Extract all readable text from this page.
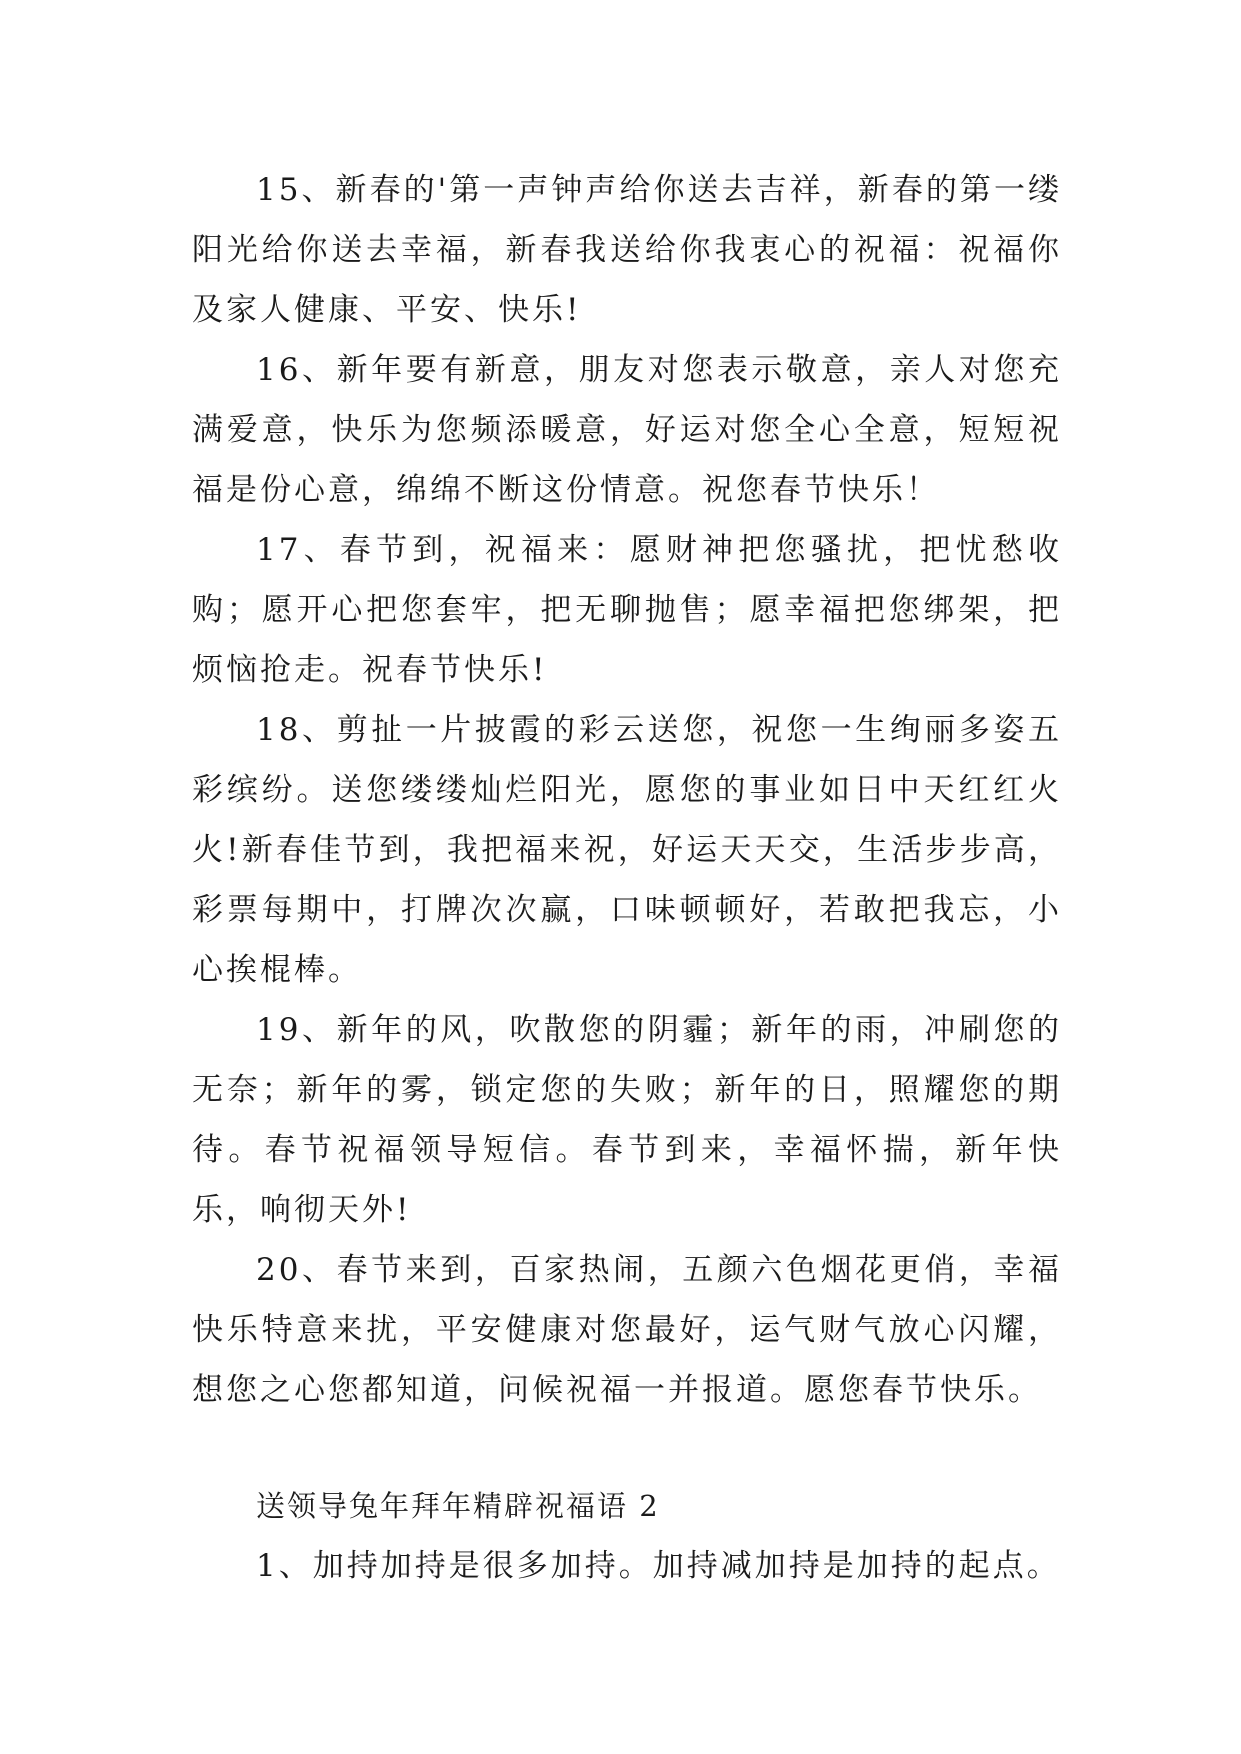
15、新春的'第一声钟声给你送去吉祥，新春的第一缕阳光给你送去幸福，新春我送给你我衷心的祝福：祝福你及家人健康、平安、快乐!

16、新年要有新意，朋友对您表示敬意，亲人对您充满爱意，快乐为您频添暖意，好运对您全心全意，短短祝福是份心意，绵绵不断这份情意。祝您春节快乐！

17、春节到，祝福来：愿财神把您骚扰，把忧愁收购；愿开心把您套牢，把无聊抛售；愿幸福把您绑架，把烦恼抢走。祝春节快乐!

18、剪扯一片披霞的彩云送您，祝您一生绚丽多姿五彩缤纷。送您缕缕灿烂阳光，愿您的事业如日中天红红火火!新春佳节到，我把福来祝，好运天天交，生活步步高，彩票每期中，打牌次次赢，口味顿顿好，若敢把我忘，小心挨棍棒。

19、新年的风，吹散您的阴霾；新年的雨，冲刷您的无奈；新年的雾，锁定您的失败；新年的日，照耀您的期待。春节祝福领导短信。春节到来，幸福怀揣，新年快乐，响彻天外!

20、春节来到，百家热闹，五颜六色烟花更俏，幸福快乐特意来扰，平安健康对您最好，运气财气放心闪耀，想您之心您都知道，问候祝福一并报道。愿您春节快乐。

送领导兔年拜年精辟祝福语 2

1、加持加持是很多加持。加持减加持是加持的起点。
